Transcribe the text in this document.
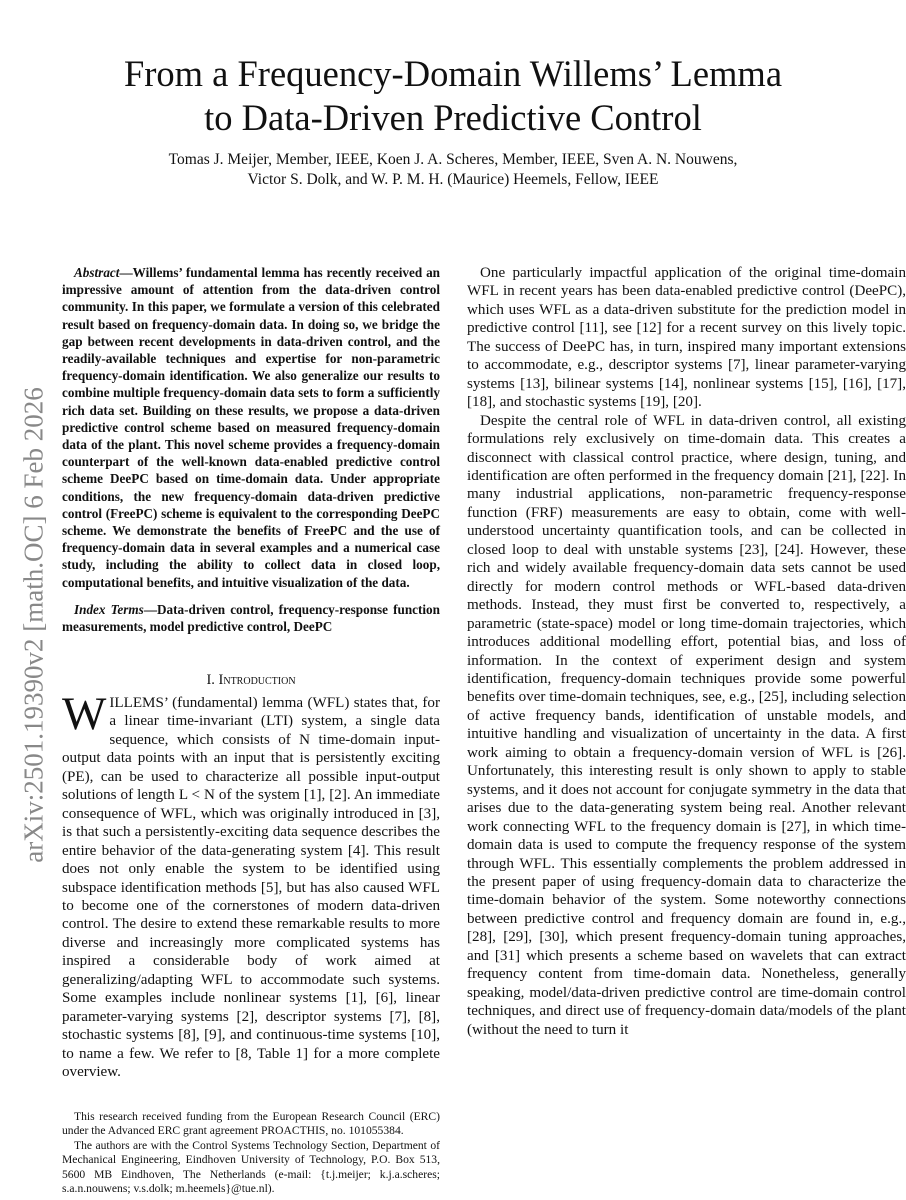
arXiv:2501.19390v2 [math.OC] 6 Feb 2026
From a Frequency-Domain Willems’ Lemma
to Data-Driven Predictive Control
Tomas J. Meijer, Member, IEEE, Koen J. A. Scheres, Member, IEEE, Sven A. N. Nouwens,
Victor S. Dolk, and W. P. M. H. (Maurice) Heemels, Fellow, IEEE

Abstract—Willems’ fundamental lemma has recently received an impressive amount of attention from the data-driven control community. In this paper, we formulate a version of this celebrated result based on frequency-domain data. In doing so, we bridge the gap between recent developments in data-driven control, and the readily-available techniques and expertise for non-parametric frequency-domain identification. We also generalize our results to combine multiple frequency-domain data sets to form a sufficiently rich data set. Building on these results, we propose a data-driven predictive control scheme based on measured frequency-domain data of the plant. This novel scheme provides a frequency-domain counterpart of the well-known data-enabled predictive control scheme DeePC based on time-domain data. Under appropriate conditions, the new frequency-domain data-driven predictive control (FreePC) scheme is equivalent to the corresponding DeePC scheme. We demonstrate the benefits of FreePC and the use of frequency-domain data in several examples and a numerical case study, including the ability to collect data in closed loop, computational benefits, and intuitive visualization of the data.

Index Terms—Data-driven control, frequency-response function measurements, model predictive control, DeePC

I. Introduction

WILLEMS’ (fundamental) lemma (WFL) states that, for a linear time-invariant (LTI) system, a single data sequence, which consists of N time-domain input-output data points with an input that is persistently exciting (PE), can be used to characterize all possible input-output solutions of length L < N of the system [1], [2]. An immediate consequence of WFL, which was originally introduced in [3], is that such a persistently-exciting data sequence describes the entire behavior of the data-generating system [4]. This result does not only enable the system to be identified using subspace identification methods [5], but has also caused WFL to become one of the cornerstones of modern data-driven control. The desire to extend these remarkable results to more diverse and increasingly more complicated systems has inspired a considerable body of work aimed at generalizing/adapting WFL to accommodate such systems. Some examples include nonlinear systems [1], [6], linear parameter-varying systems [2], descriptor systems [7], [8], stochastic systems [8], [9], and continuous-time systems [10], to name a few. We refer to [8, Table 1] for a more complete overview.

This research received funding from the European Research Council (ERC) under the Advanced ERC grant agreement PROACTHIS, no. 101055384.

The authors are with the Control Systems Technology Section, Department of Mechanical Engineering, Eindhoven University of Technology, P.O. Box 513, 5600 MB Eindhoven, The Netherlands (e-mail: {t.j.meijer; k.j.a.scheres; s.a.n.nouwens; v.s.dolk; m.heemels}@tue.nl).

One particularly impactful application of the original time-domain WFL in recent years has been data-enabled predictive control (DeePC), which uses WFL as a data-driven substitute for the prediction model in predictive control [11], see [12] for a recent survey on this lively topic. The success of DeePC has, in turn, inspired many important extensions to accommodate, e.g., descriptor systems [7], linear parameter-varying systems [13], bilinear systems [14], nonlinear systems [15], [16], [17], [18], and stochastic systems [19], [20].

Despite the central role of WFL in data-driven control, all existing formulations rely exclusively on time-domain data. This creates a disconnect with classical control practice, where design, tuning, and identification are often performed in the frequency domain [21], [22]. In many industrial applications, non-parametric frequency-response function (FRF) measurements are easy to obtain, come with well-understood uncertainty quantification tools, and can be collected in closed loop to deal with unstable systems [23], [24]. However, these rich and widely available frequency-domain data sets cannot be used directly for modern control methods or WFL-based data-driven methods. Instead, they must first be converted to, respectively, a parametric (state-space) model or long time-domain trajectories, which introduces additional modelling effort, potential bias, and loss of information. In the context of experiment design and system identification, frequency-domain techniques provide some powerful benefits over time-domain techniques, see, e.g., [25], including selection of active frequency bands, identification of unstable models, and intuitive handling and visualization of uncertainty in the data. A first work aiming to obtain a frequency-domain version of WFL is [26]. Unfortunately, this interesting result is only shown to apply to stable systems, and it does not account for conjugate symmetry in the data that arises due to the data-generating system being real. Another relevant work connecting WFL to the frequency domain is [27], in which time-domain data is used to compute the frequency response of the system through WFL. This essentially complements the problem addressed in the present paper of using frequency-domain data to characterize the time-domain behavior of the system. Some noteworthy connections between predictive control and frequency domain are found in, e.g., [28], [29], [30], which present frequency-domain tuning approaches, and [31] which presents a scheme based on wavelets that can extract frequency content from time-domain data. Nonetheless, generally speaking, model/data-driven predictive control are time-domain control techniques, and direct use of frequency-domain data/models of the plant (without the need to turn it
